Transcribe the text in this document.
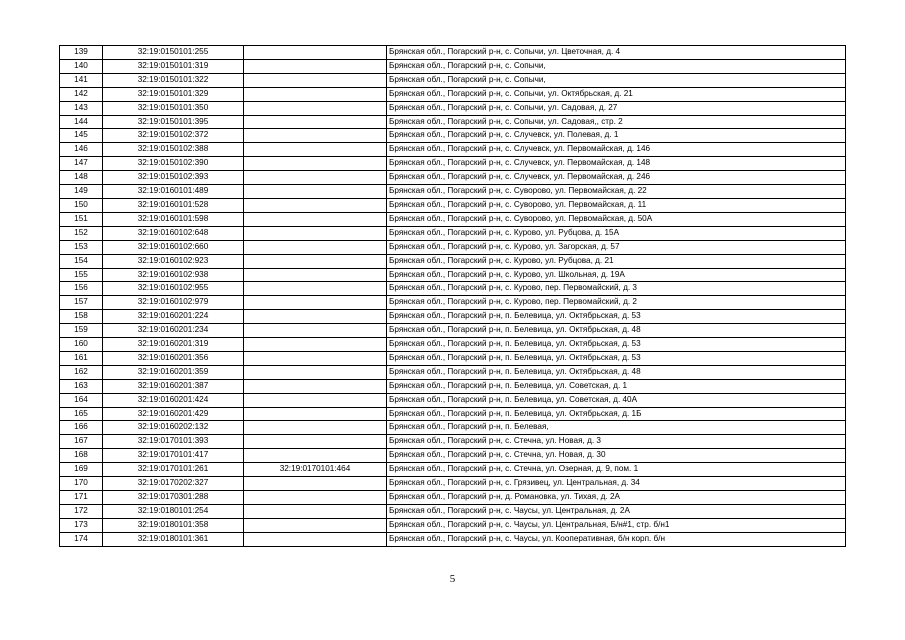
139	32:19:0150101:255		Брянская обл., Погарский р-н, с. Сопычи, ул. Цветочная, д. 4
140	32:19:0150101:319		Брянская обл., Погарский р-н, с. Сопычи,
141	32:19:0150101:322		Брянская обл., Погарский р-н, с. Сопычи,
142	32:19:0150101:329		Брянская обл., Погарский р-н, с. Сопычи, ул. Октябрьская, д. 21
143	32:19:0150101:350		Брянская обл., Погарский р-н, с. Сопычи, ул. Садовая, д. 27
144	32:19:0150101:395		Брянская обл., Погарский р-н, с. Сопычи, ул. Садовая,, стр. 2
145	32:19:0150102:372		Брянская обл., Погарский р-н, с. Случевск, ул. Полевая, д. 1
146	32:19:0150102:388		Брянская обл., Погарский р-н, с. Случевск, ул. Первомайская, д. 146
147	32:19:0150102:390		Брянская обл., Погарский р-н, с. Случевск, ул. Первомайская, д. 148
148	32:19:0150102:393		Брянская обл., Погарский р-н, с. Случевск, ул. Первомайская, д. 246
149	32:19:0160101:489		Брянская обл., Погарский р-н, с. Суворово, ул. Первомайская, д. 22
150	32:19:0160101:528		Брянская обл., Погарский р-н, с. Суворово, ул. Первомайская, д. 11
151	32:19:0160101:598		Брянская обл., Погарский р-н, с. Суворово, ул. Первомайская, д. 50А
152	32:19:0160102:648		Брянская обл., Погарский р-н, с. Курово, ул. Рубцова, д. 15А
153	32:19:0160102:660		Брянская обл., Погарский р-н, с. Курово, ул. Загорская, д. 57
154	32:19:0160102:923		Брянская обл., Погарский р-н, с. Курово, ул. Рубцова, д. 21
155	32:19:0160102:938		Брянская обл., Погарский р-н, с. Курово, ул. Школьная, д. 19А
156	32:19:0160102:955		Брянская обл., Погарский р-н, с. Курово, пер. Первомайский, д. 3
157	32:19:0160102:979		Брянская обл., Погарский р-н, с. Курово, пер. Первомайский, д. 2
158	32:19:0160201:224		Брянская обл., Погарский р-н, п. Белевица, ул. Октябрьская, д. 53
159	32:19:0160201:234		Брянская обл., Погарский р-н, п. Белевица, ул. Октябрьская, д. 48
160	32:19:0160201:319		Брянская обл., Погарский р-н, п. Белевица, ул. Октябрьская, д. 53
161	32:19:0160201:356		Брянская обл., Погарский р-н, п. Белевица, ул. Октябрьская, д. 53
162	32:19:0160201:359		Брянская обл., Погарский р-н, п. Белевица, ул. Октябрьская, д. 48
163	32:19:0160201:387		Брянская обл., Погарский р-н, п. Белевица, ул. Советская, д. 1
164	32:19:0160201:424		Брянская обл., Погарский р-н, п. Белевица, ул. Советская, д. 40А
165	32:19:0160201:429		Брянская обл., Погарский р-н, п. Белевица, ул. Октябрьская, д. 1Б
166	32:19:0160202:132		Брянская обл., Погарский р-н, п. Белевая,
167	32:19:0170101:393		Брянская обл., Погарский р-н, с. Стечна, ул. Новая, д. 3
168	32:19:0170101:417		Брянская обл., Погарский р-н, с. Стечна, ул. Новая, д. 30
169	32:19:0170101:261	32:19:0170101:464	Брянская обл., Погарский р-н, с. Стечна, ул. Озерная, д. 9, пом. 1
170	32:19:0170202:327		Брянская обл., Погарский р-н, с. Грязивец, ул. Центральная, д. 34
171	32:19:0170301:288		Брянская обл., Погарский р-н, д. Романовка, ул. Тихая, д. 2А
172	32:19:0180101:254		Брянская обл., Погарский р-н, с. Чаусы, ул. Центральная, д. 2А
173	32:19:0180101:358		Брянская обл., Погарский р-н, с. Чаусы, ул. Центральная, Б/н#1, стр. б/н1
174	32:19:0180101:361		Брянская обл., Погарский р-н, с. Чаусы, ул. Кооперативная, б/н корп. б/н
5
